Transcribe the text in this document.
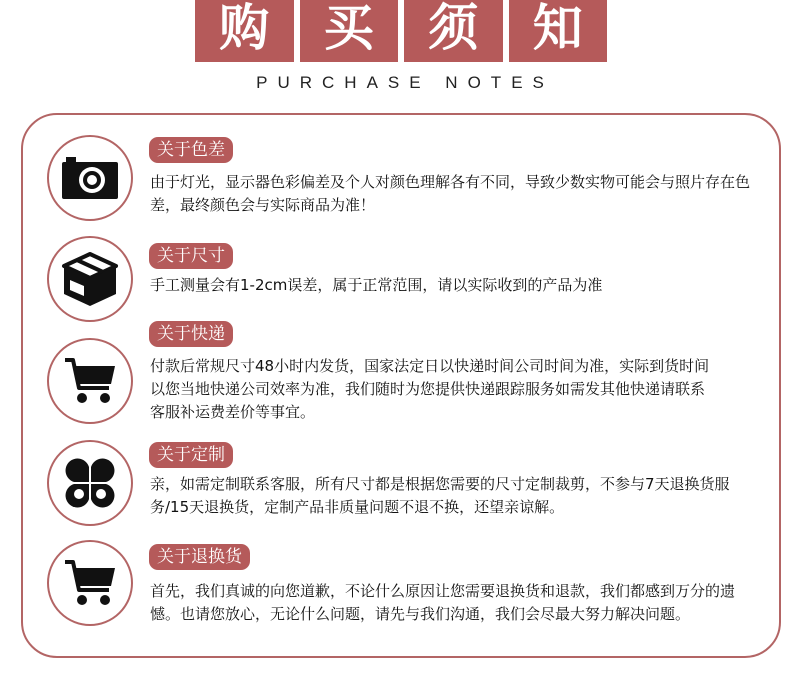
购	买	须	知
PURCHASE NOTES
关于色差
由于灯光，显示器色彩偏差及个人对颜色理解各有不同，导致少数实物可能会与照片存在色差，最终颜色会与实际商品为准！
关于尺寸
手工测量会有1-2cm误差，属于正常范围，请以实际收到的产品为准
关于快递
付款后常规尺寸48小时内发货，国家法定日以快递时间公司时间为准，实际到货时间以您当地快递公司效率为准，我们随时为您提供快递跟踪服务如需发其他快递请联系客服补运费差价等事宜。
关于定制
亲，如需定制联系客服，所有尺寸都是根据您需要的尺寸定制裁剪，不参与7天退换货服务/15天退换货，定制产品非质量问题不退不换，还望亲谅解。
关于退换货
首先，我们真诚的向您道歉，不论什么原因让您需要退换货和退款，我们都感到万分的遗憾。也请您放心，无论什么问题，请先与我们沟通，我们会尽最大努力解决问题。
